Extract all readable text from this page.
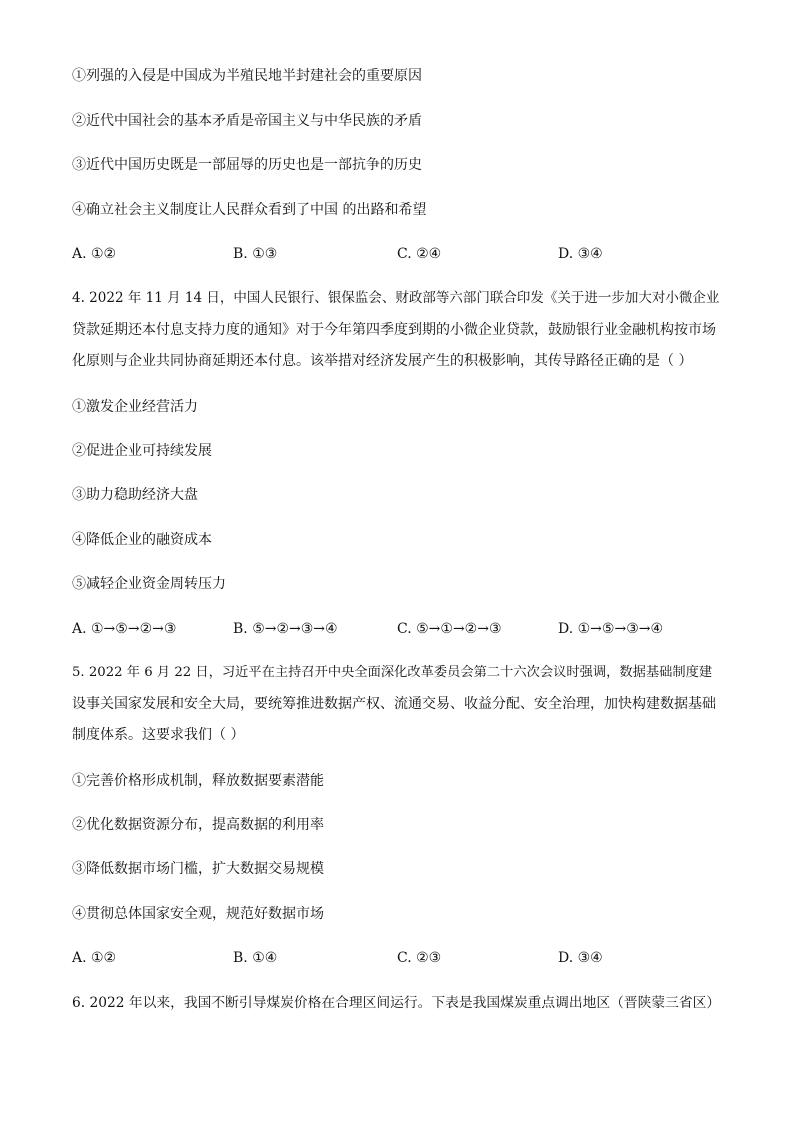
①列强的入侵是中国成为半殖民地半封建社会的重要原因
②近代中国社会的基本矛盾是帝国主义与中华民族的矛盾
③近代中国历史既是一部屈辱的历史也是一部抗争的历史
④确立社会主义制度让人民群众看到了中国 的出路和希望
A. ①②	B. ①③	C. ②④	D. ③④
4. 2022 年 11 月 14 日，中国人民银行、银保监会、财政部等六部门联合印发《关于进一步加大对小微企业
贷款延期还本付息支持力度的通知》对于今年第四季度到期的小微企业贷款，鼓励银行业金融机构按市场
化原则与企业共同协商延期还本付息。该举措对经济发展产生的积极影响，其传导路径正确的是（ ）
①激发企业经营活力
②促进企业可持续发展
③助力稳助经济大盘
④降低企业的融资成本
⑤减轻企业资金周转压力
A. ①→⑤→②→③	B. ⑤→②→③→④	C. ⑤→①→②→③	D. ①→⑤→③→④
5. 2022 年 6 月 22 日，习近平在主持召开中央全面深化改革委员会第二十六次会议时强调，数据基础制度建
设事关国家发展和安全大局，要统筹推进数据产权、流通交易、收益分配、安全治理，加快构建数据基础
制度体系。这要求我们（ ）
①完善价格形成机制，释放数据要素潜能
②优化数据资源分布，提高数据的利用率
③降低数据市场门槛，扩大数据交易规模
④贯彻总体国家安全观，规范好数据市场
A. ①②	B. ①④	C. ②③	D. ③④
6. 2022 年以来，我国不断引导煤炭价格在合理区间运行。下表是我国煤炭重点调出地区（晋陕蒙三省区）
